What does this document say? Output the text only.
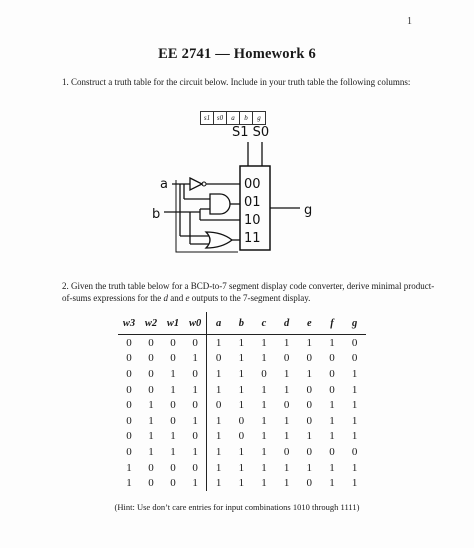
1
EE 2741 — Homework 6
1. Construct a truth table for the circuit below. Include in your truth table the following columns:
s1 s0	a	b	g
S1 S0
00
01
10
11
g
a
b
2. Given the truth table below for a BCD-to-7 segment display code converter, derive minimal product-of-sums expressions for the d and e outputs to the 7-segment display.
w3	w2	w1	w0	a	b	c	d	e	f	g
0	0	0	0	1	1	1	1	1	1	0
0	0	0	1	0	1	1	0	0	0	0
0	0	1	0	1	1	0	1	1	0	1
0	0	1	1	1	1	1	1	0	0	1
0	1	0	0	0	1	1	0	0	1	1
0	1	0	1	1	0	1	1	0	1	1
0	1	1	0	1	0	1	1	1	1	1
0	1	1	1	1	1	1	0	0	0	0
1	0	0	0	1	1	1	1	1	1	1
1	0	0	1	1	1	1	1	0	1	1
(Hint: Use don’t care entries for input combinations 1010 through 1111)
